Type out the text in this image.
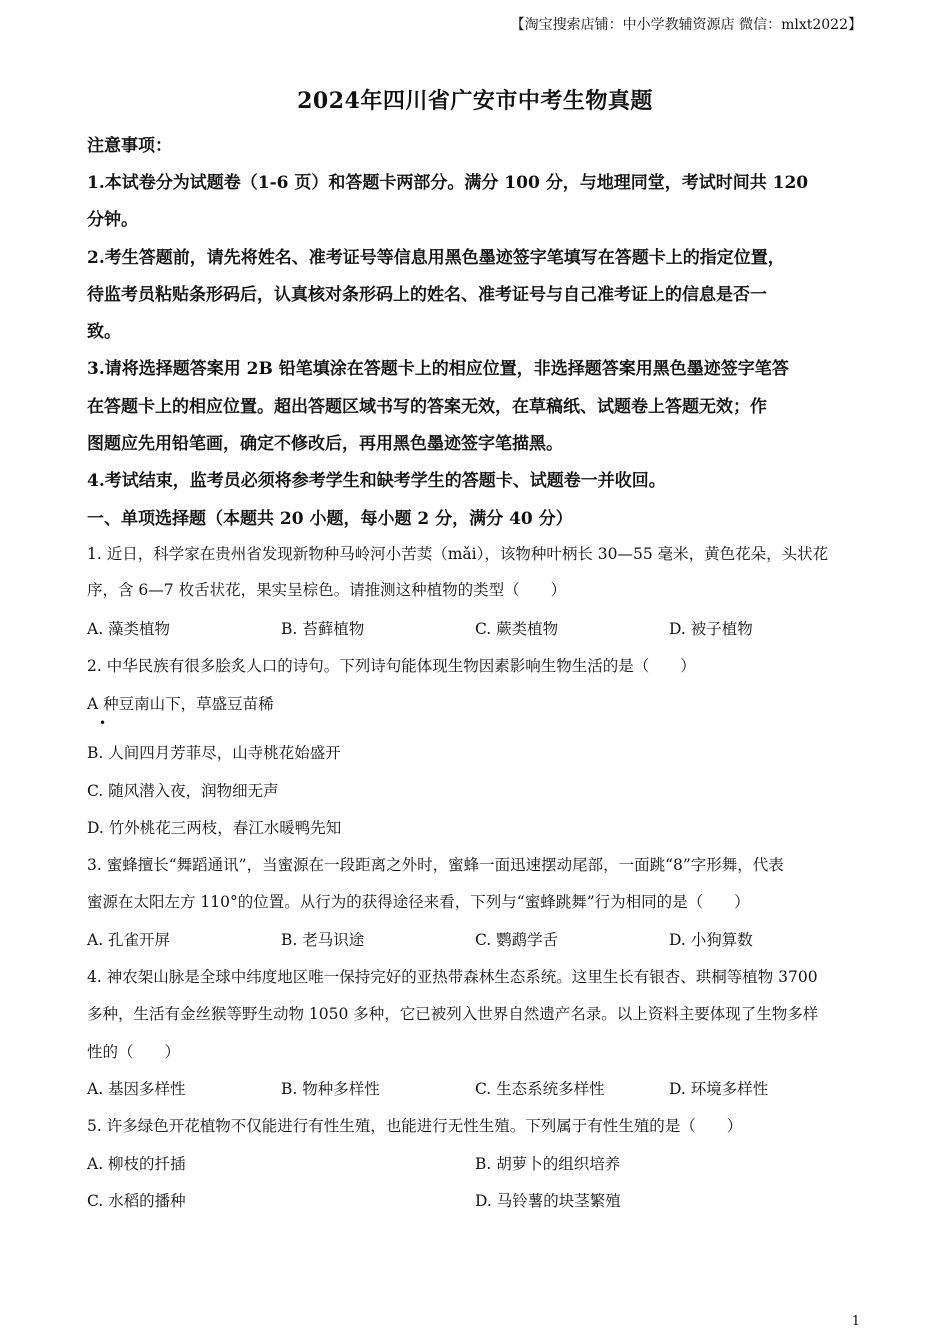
【淘宝搜索店铺：中小学教辅资源店 微信：mlxt2022】
2024年四川省广安市中考生物真题
注意事项：
1.本试卷分为试题卷（1-6 页）和答题卡两部分。满分 100 分，与地理同堂，考试时间共 120
分钟。
2.考生答题前，请先将姓名、准考证号等信息用黑色墨迹签字笔填写在答题卡上的指定位置，
待监考员粘贴条形码后，认真核对条形码上的姓名、准考证号与自己准考证上的信息是否一
致。
3.请将选择题答案用 2B 铅笔填涂在答题卡上的相应位置，非选择题答案用黑色墨迹签字笔答
在答题卡上的相应位置。超出答题区域书写的答案无效，在草稿纸、试题卷上答题无效；作
图题应先用铅笔画，确定不修改后，再用黑色墨迹签字笔描黑。
4.考试结束，监考员必须将参考学生和缺考学生的答题卡、试题卷一并收回。
一、单项选择题（本题共 20 小题，每小题 2 分，满分 40 分）
1. 近日，科学家在贵州省发现新物种马岭河小苦荬（mǎi），该物种叶柄长 30—55 毫米，黄色花朵，头状花
序，含 6—7 枚舌状花，果实呈棕色。请推测这种植物的类型（　　）
A. 藻类植物	B. 苔藓植物	C. 蕨类植物	D. 被子植物
2. 中华民族有很多脍炙人口的诗句。下列诗句能体现生物因素影响生物生活的是（　　）
A 种豆南山下，草盛豆苗稀
•
B. 人间四月芳菲尽，山寺桃花始盛开
C. 随风潜入夜，润物细无声
D. 竹外桃花三两枝，春江水暖鸭先知
3. 蜜蜂擅长“舞蹈通讯”，当蜜源在一段距离之外时，蜜蜂一面迅速摆动尾部，一面跳“8”字形舞，代表
蜜源在太阳左方 110°的位置。从行为的获得途径来看，下列与“蜜蜂跳舞”行为相同的是（　　）
A. 孔雀开屏	B. 老马识途	C. 鹦鹉学舌	D. 小狗算数
4. 神农架山脉是全球中纬度地区唯一保持完好的亚热带森林生态系统。这里生长有银杏、珙桐等植物 3700
多种，生活有金丝猴等野生动物 1050 多种，它已被列入世界自然遗产名录。以上资料主要体现了生物多样
性的（　　）
A. 基因多样性	B. 物种多样性	C. 生态系统多样性	D. 环境多样性
5. 许多绿色开花植物不仅能进行有性生殖，也能进行无性生殖。下列属于有性生殖的是（　　）
A. 柳枝的扦插	B. 胡萝卜的组织培养
C. 水稻的播种	D. 马铃薯的块茎繁殖
1
